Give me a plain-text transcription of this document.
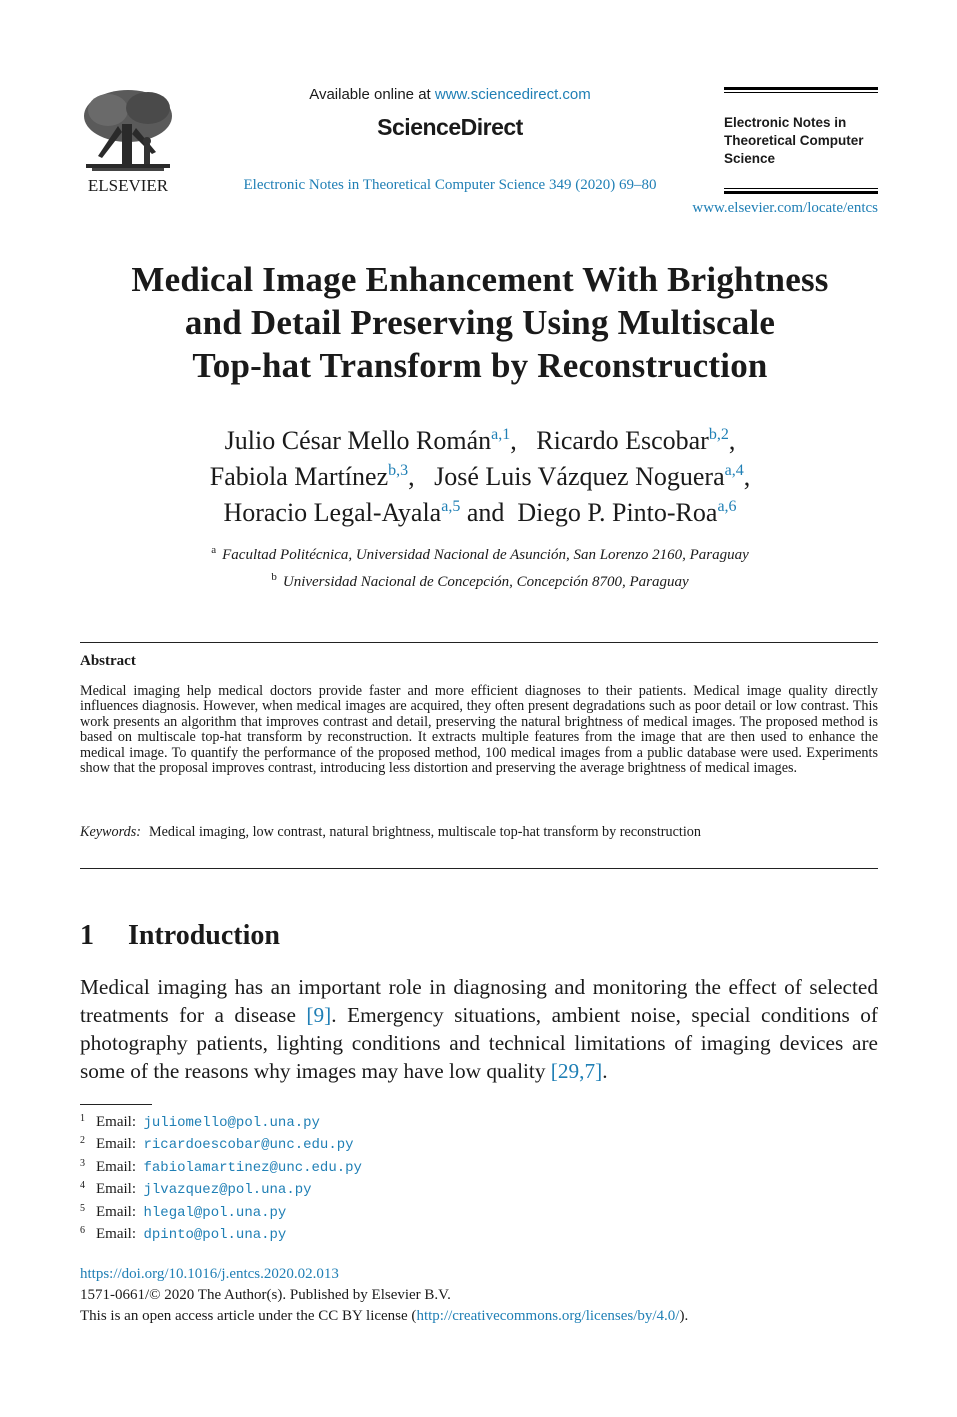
ELSEVIER
Available online at www.sciencedirect.com
ScienceDirect
Electronic Notes in Theoretical Computer Science 349 (2020) 69–80
Electronic Notes in
Theoretical Computer
Science
www.elsevier.com/locate/entcs
Medical Image Enhancement With Brightness
and Detail Preserving Using Multiscale
Top-hat Transform by Reconstruction
Julio César Mello Román$^{a,1}$,   Ricardo Escobar$^{b,2}$,
Fabiola Martínez$^{b,3}$,   José Luis Vázquez Noguera$^{a,4}$,
Horacio Legal-Ayala$^{a,5}$ and Diego P. Pinto-Roa$^{a,6}$
$^a$ Facultad Politécnica, Universidad Nacional de Asunción, San Lorenzo 2160, Paraguay
$^b$ Universidad Nacional de Concepción, Concepción 8700, Paraguay
Abstract
Medical imaging help medical doctors provide faster and more efficient diagnoses to their patients. Medical image quality directly influences diagnosis. However, when medical images are acquired, they often present degradations such as poor detail or low contrast. This work presents an algorithm that improves contrast and detail, preserving the natural brightness of medical images. The proposed method is based on multiscale top-hat transform by reconstruction. It extracts multiple features from the image that are then used to enhance the medical image. To quantify the performance of the proposed method, 100 medical images from a public database were used. Experiments show that the proposal improves contrast, introducing less distortion and preserving the average brightness of medical images.
Keywords: Medical imaging, low contrast, natural brightness, multiscale top-hat transform by reconstruction
1 Introduction
Medical imaging has an important role in diagnosing and monitoring the effect of selected treatments for a disease [9]. Emergency situations, ambient noise, special conditions of photography patients, lighting conditions and technical limitations of imaging devices are some of the reasons why images may have low quality [29,7].
$^1$ Email: juliomello@pol.una.py
$^2$ Email: ricardoescobar@unc.edu.py
$^3$ Email: fabiolamartinez@unc.edu.py
$^4$ Email: jlvazquez@pol.una.py
$^5$ Email: hlegal@pol.una.py
$^6$ Email: dpinto@pol.una.py
https://doi.org/10.1016/j.entcs.2020.02.013
1571-0661/© 2020 The Author(s). Published by Elsevier B.V.
This is an open access article under the CC BY license (http://creativecommons.org/licenses/by/4.0/).
